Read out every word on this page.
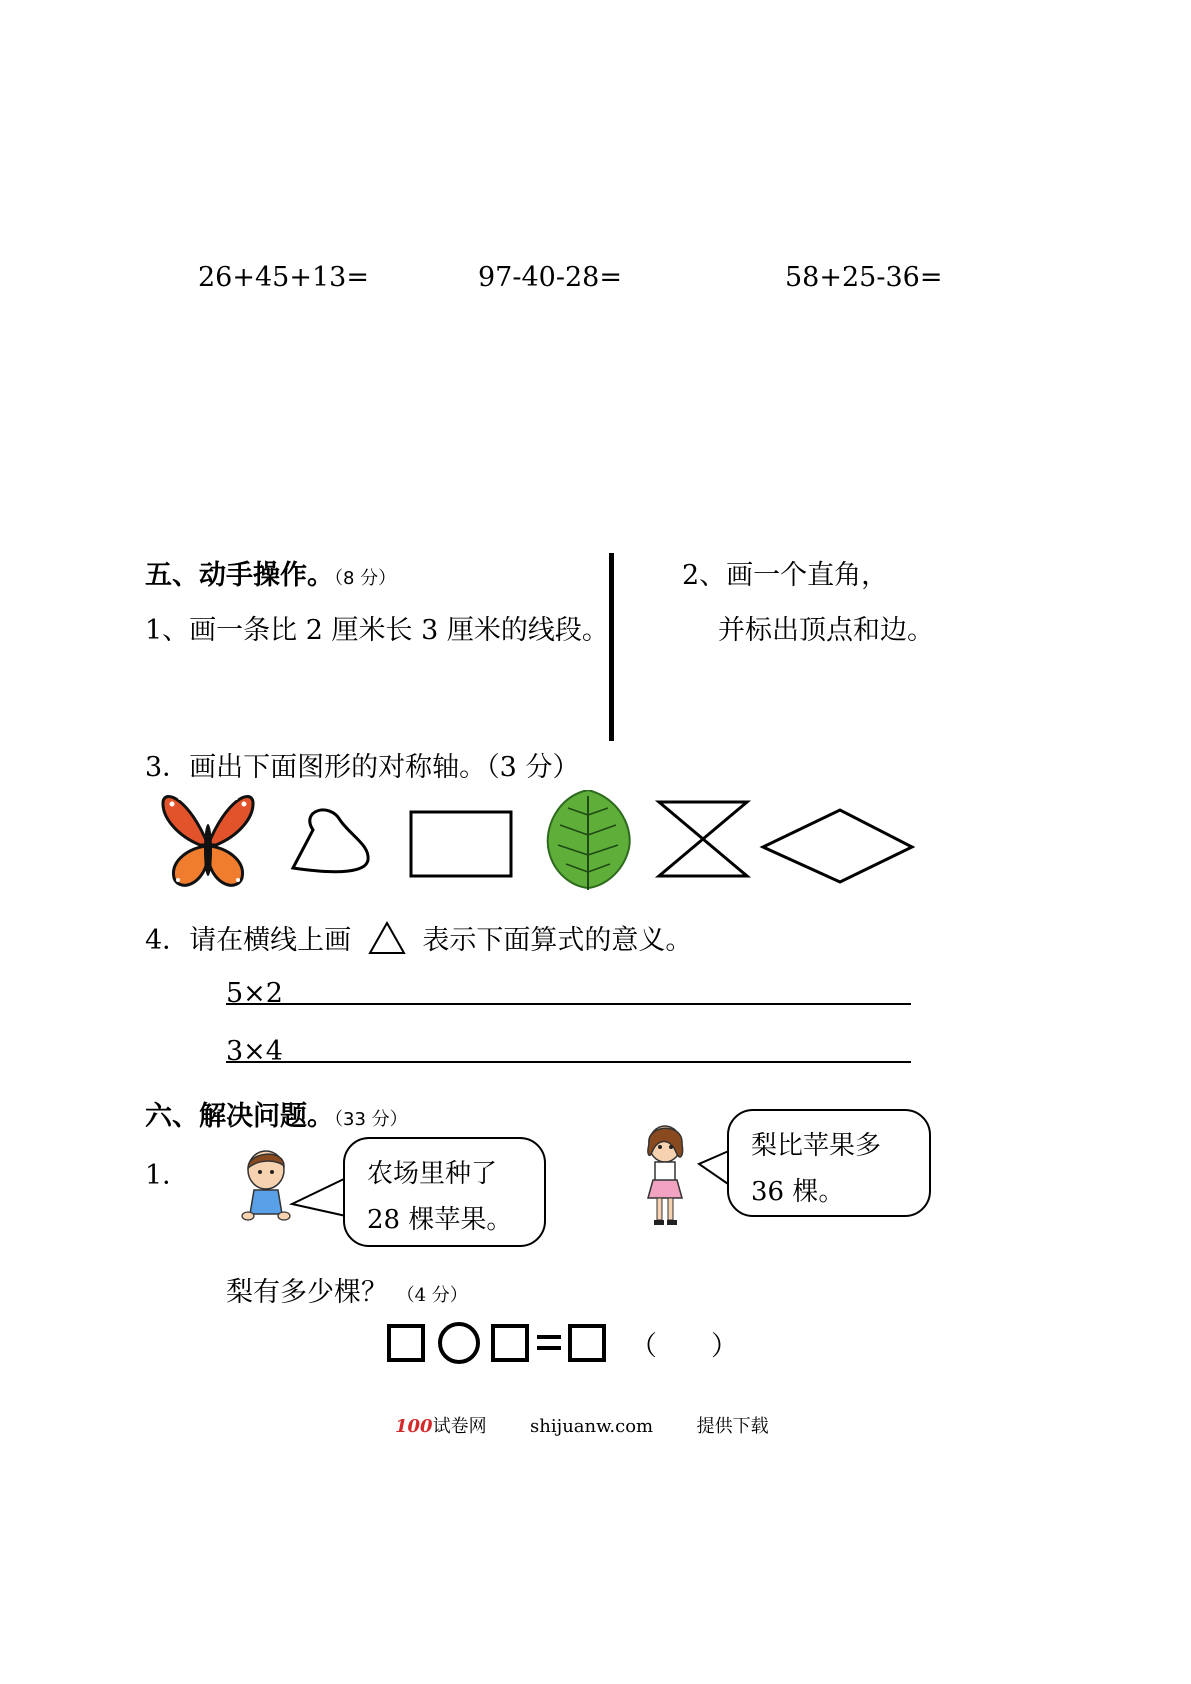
26+45+13=	97-40-28=	58+25-36=
五、动手操作。（8 分）
1、画一条比 2 厘米长 3 厘米的线段。
2、画一个直角，
并标出顶点和边。
3．画出下面图形的对称轴。（3 分）
4．请在横线上画	表示下面算式的意义。
5×2
3×4
六、解决问题。（33 分）
1．	农场里种了 28 棵苹果。
梨比苹果多 36 棵。
梨有多少棵？ （4 分）
（　　）
100试卷网 shijuanw.com 提供下载
